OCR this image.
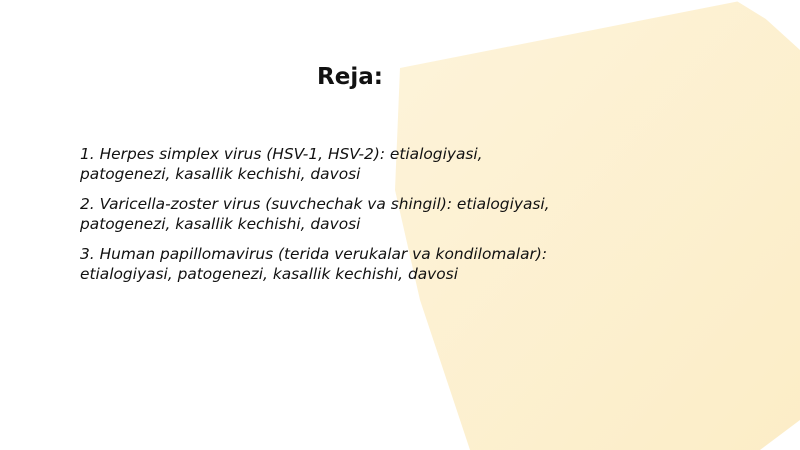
Reja:
1. Herpes simplex virus (HSV-1, HSV-2): etialogiyasi, patogenezi, kasallik kechishi, davosi
2. Varicella-zoster virus (suvchechak va shingil): etialogiyasi, patogenezi, kasallik kechishi, davosi
3. Human papillomavirus (terida verukalar va kondilomalar): etialogiyasi, patogenezi, kasallik kechishi, davosi
